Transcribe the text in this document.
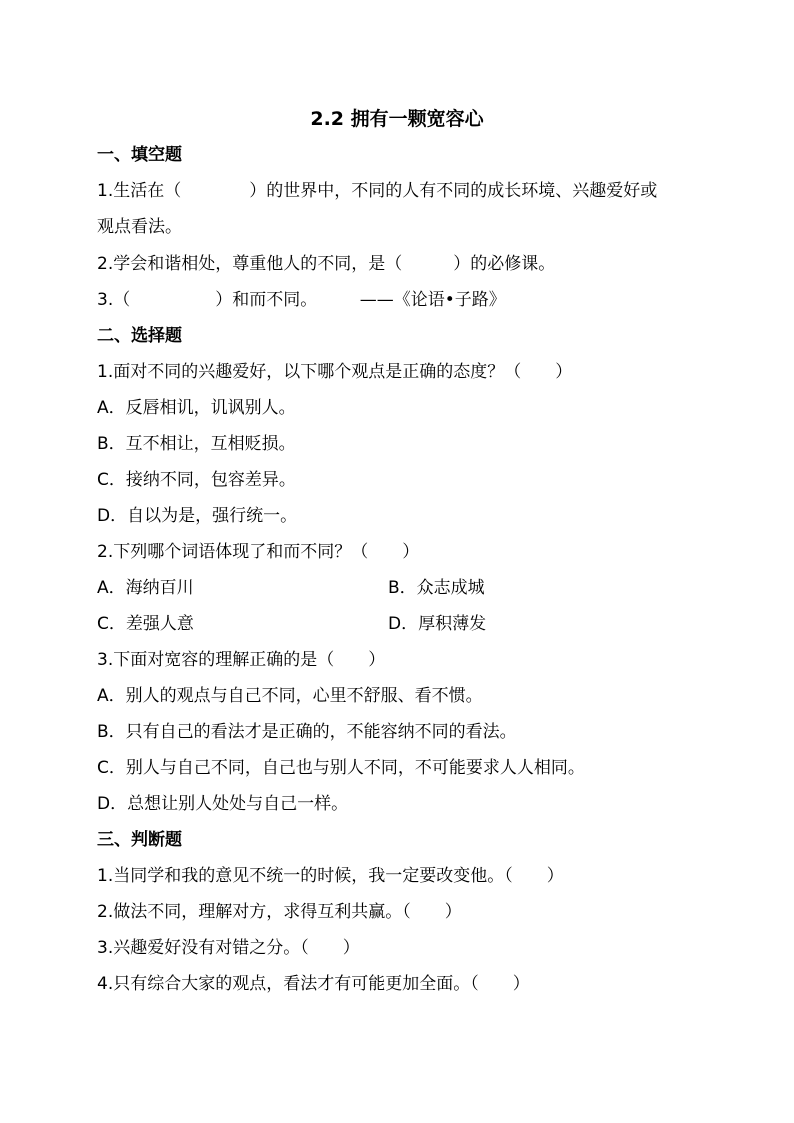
2.2 拥有一颗宽容心
一、填空题
1.生活在（　　　　）的世界中，不同的人有不同的成长环境、兴趣爱好或
观点看法。
2.学会和谐相处，尊重他人的不同，是（　　　）的必修课。
3.（　　　　　）和而不同。　　　——《论语•子路》
二、选择题
1.面对不同的兴趣爱好，以下哪个观点是正确的态度？（　　）
A．反唇相讥，讥讽别人。
B．互不相让，互相贬损。
C．接纳不同，包容差异。
D．自以为是，强行统一。
2.下列哪个词语体现了和而不同？（　　）
A．海纳百川	B．众志成城
C．差强人意	D．厚积薄发
3.下面对宽容的理解正确的是（　　）
A．别人的观点与自己不同，心里不舒服、看不惯。
B．只有自己的看法才是正确的，不能容纳不同的看法。
C．别人与自己不同，自己也与别人不同，不可能要求人人相同。
D．总想让别人处处与自己一样。
三、判断题
1.当同学和我的意见不统一的时候，我一定要改变他。（　　）
2.做法不同，理解对方，求得互利共赢。（　　）
3.兴趣爱好没有对错之分。（　　）
4.只有综合大家的观点，看法才有可能更加全面。（　　）
